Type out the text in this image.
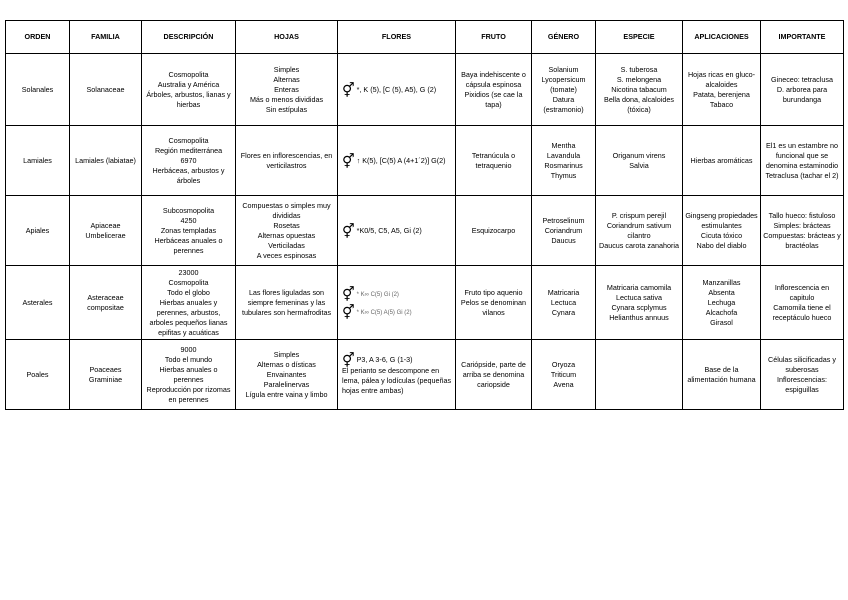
ORDEN	FAMILIA	DESCRIPCIÓN	HOJAS	FLORES	FRUTO	GÉNERO	ESPECIE	APLICACIONES	IMPORTANTE
Solanales	Solanaceae	Cosmopolita
Australia y América
Árboles, arbustos, lianas y hierbas	Simples
Alternas
Enteras
Más o menos divididas
Sin estípulas	⚥ *, K (5), [C (5), A5), G (2)	Baya indehiscente o cápsula espinosa Pixidios (se cae la tapa)	Solanium
Lycopersicum (tomate)
Datura (estramonio)	S. tuberosa
S. melongena
Nicotina tabacum
Bella dona, alcaloides (tóxica)	Hojas ricas en gluco-alcaloides
Patata, berenjena
Tabaco	Gineceo: tetraclusa
D. arborea para burundanga
Lamiales	Lamiales (labiatae)	Cosmopolita
Región mediterránea
6970
Herbáceas, arbustos y árboles	Flores en inflorescencias, en verticilastros	⚥ ↑ K(5), [C(5) A (4+1´2)] G(2)	Tetranúcula o tetraquenio	Mentha
Lavandula
Rosmarinus
Thymus	Origanum virens
Salvia	Hierbas aromáticas	El1 es un estambre no funcional que se denomina estaminodio
Tetraclusa (tachar el 2)
Apiales	Apiaceae
Umbelicerae	Subcosmopolita
4250
Zonas templadas
Herbáceas anuales o perennes	Compuestas o simples muy divididas
Rosetas
Alternas opuestas
Verticiladas
A veces espinosas	⚥ *K0/5, C5, A5, Gi (2)	Esquizocarpo	Petroselinum
Coriandrum
Daucus	P. crispum perejil
Coriandrum sativum cilantro
Daucus carota zanahoria	Gingseng propiedades estimulantes
Cicuta tóxico
Nabo del diablo	Tallo hueco: fistuloso
Simples: brácteas
Compuestas: brácteas y bractéolas
Asterales	Asteraceae
compositae	23000
Cosmopolita
Todo el globo
Hierbas anuales y perennes, arbustos, arboles pequeños lianas epifitas y acuáticas	Las flores liguladas son siempre femeninas y las tubulares son hermafroditas	⚥ * K∞ C(5) Gi (2)
⚥ * K∞ C(5) A(5) Gi (2)	Fruto tipo aquenio
Pelos se denominan vilanos	Matricaria
Lectuca
Cynara	Matricaria camomila
Lectuca sativa
Cynara scplymus
Helianthus annuus	Manzanillas
Absenta
Lechuga
Alcachofa
Girasol	Inflorescencia en capitulo
Camomila tiene el receptáculo hueco
Poales	Poaceaes
Graminiae	9000
Todo el mundo
Hierbas anuales o perennes
Reproducción por rizomas en perennes	Simples
Alternas o dísticas
Envainantes
Paralelinervas
Lígula entre vaina y limbo	⚥ P3, A 3-6, G (1-3)
El perianto se descompone en lema, pálea y lodículas (pequeñas hojas entre ambas)	Cariópside, parte de arriba se denomina cariopside	Oryoza
Triticum
Avena		Base de la alimentación humana	Células silicificadas y suberosas
Inflorescencias: espiguillas
